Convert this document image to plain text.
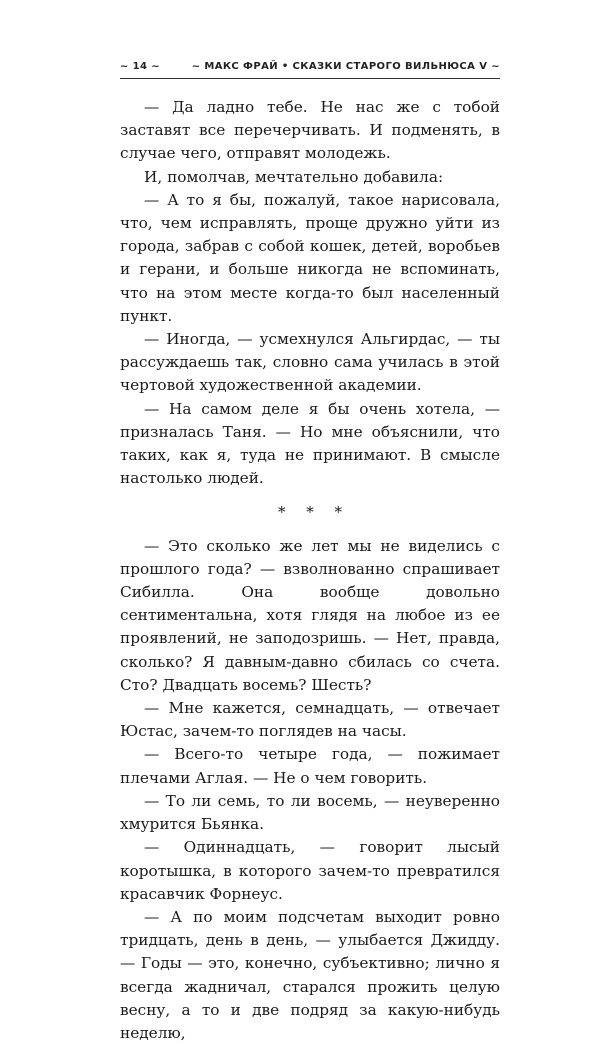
~ 14 ~	~ МАКС ФРАЙ • СКАЗКИ СТАРОГО ВИЛЬНЮСА V ~

— Да ладно тебе. Не нас же с тобой заставят все перечерчивать. И подменять, в случае чего, отправят молодежь.

И, помолчав, мечтательно добавила:

— А то я бы, пожалуй, такое нарисовала, что, чем исправлять, проще дружно уйти из города, забрав с собой кошек, детей, воробьев и герани, и больше никогда не вспоминать, что на этом месте когда-то был населенный пункт.

— Иногда, — усмехнулся Альгирдас, — ты рассуждаешь так, словно сама училась в этой чертовой художественной академии.

— На самом деле я бы очень хотела, — призналась Таня. — Но мне объяснили, что таких, как я, туда не принимают. В смысле настолько людей.

* * *

— Это сколько же лет мы не виделись с прошлого года? — взволнованно спрашивает Сибилла. Она вообще довольно сентиментальна, хотя глядя на любое из ее проявлений, не заподозришь. — Нет, правда, сколько? Я давным-давно сбилась со счета. Сто? Двадцать восемь? Шесть?

— Мне кажется, семнадцать, — отвечает Юстас, зачем-то поглядев на часы.

— Всего-то четыре года, — пожимает плечами Аглая. — Не о чем говорить.

— То ли семь, то ли восемь, — неуверенно хмурится Бьянка.

— Одиннадцать, — говорит лысый коротышка, в которого зачем-то превратился красавчик Форнеус.

— А по моим подсчетам выходит ровно тридцать, день в день, — улыбается Джидду. — Годы — это, конечно, субъективно; лично я всегда жадничал, старался прожить целую весну, а то и две подряд за какую-нибудь неделю,
